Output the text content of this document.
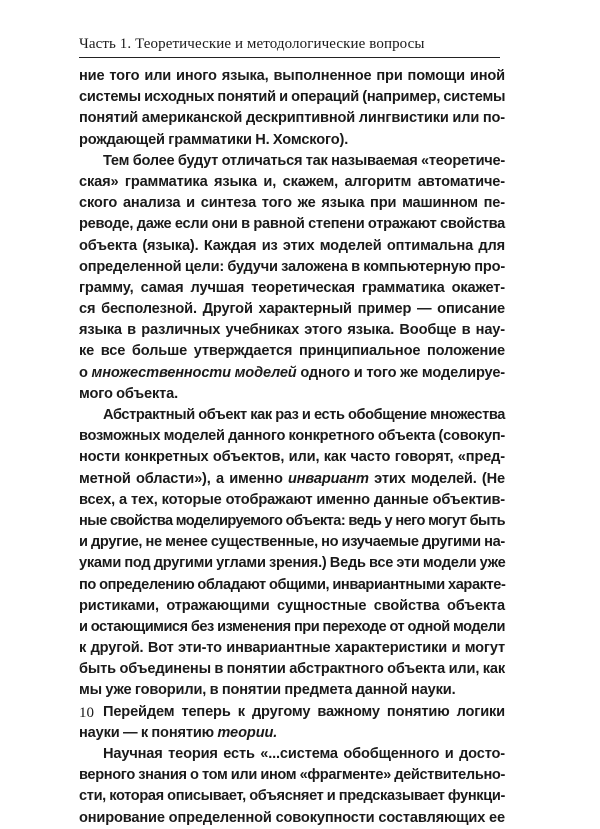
Часть 1. Теоретические и методологические вопросы
ние того или иного языка, выполненное при помощи иной
системы исходных понятий и операций (например, системы
понятий американской дескриптивной лингвистики или по-
рождающей грамматики Н. Хомского).
Тем более будут отличаться так называемая «теоретиче-
ская» грамматика языка и, скажем, алгоритм автоматиче-
ского анализа и синтеза того же языка при машинном пе-
реводе, даже если они в равной степени отражают свойства
объекта (языка). Каждая из этих моделей оптимальна для
определенной цели: будучи заложена в компьютерную про-
грамму, самая лучшая теоретическая грамматика окажет-
ся бесполезной. Другой характерный пример — описание
языка в различных учебниках этого языка. Вообще в нау-
ке все больше утверждается принципиальное положение
о множественности моделей одного и того же моделируе-
мого объекта.
Абстрактный объект как раз и есть обобщение множества
возможных моделей данного конкретного объекта (совокуп-
ности конкретных объектов, или, как часто говорят, «пред-
метной области»), а именно инвариант этих моделей. (Не
всех, а тех, которые отображают именно данные объектив-
ные свойства моделируемого объекта: ведь у него могут быть
и другие, не менее существенные, но изучаемые другими на-
уками под другими углами зрения.) Ведь все эти модели уже
по определению обладают общими, инвариантными характе-
ристиками, отражающими сущностные свойства объекта
и остающимися без изменения при переходе от одной модели
к другой. Вот эти-то инвариантные характеристики и могут
быть объединены в понятии абстрактного объекта или, как
мы уже говорили, в понятии предмета данной науки.
Перейдем теперь к другому важному понятию логики
науки — к понятию теории.
Научная теория есть «...система обобщенного и досто-
верного знания о том или ином «фрагменте» действительно-
сти, которая описывает, объясняет и предсказывает функци-
онирование определенной совокупности составляющих ее
10
